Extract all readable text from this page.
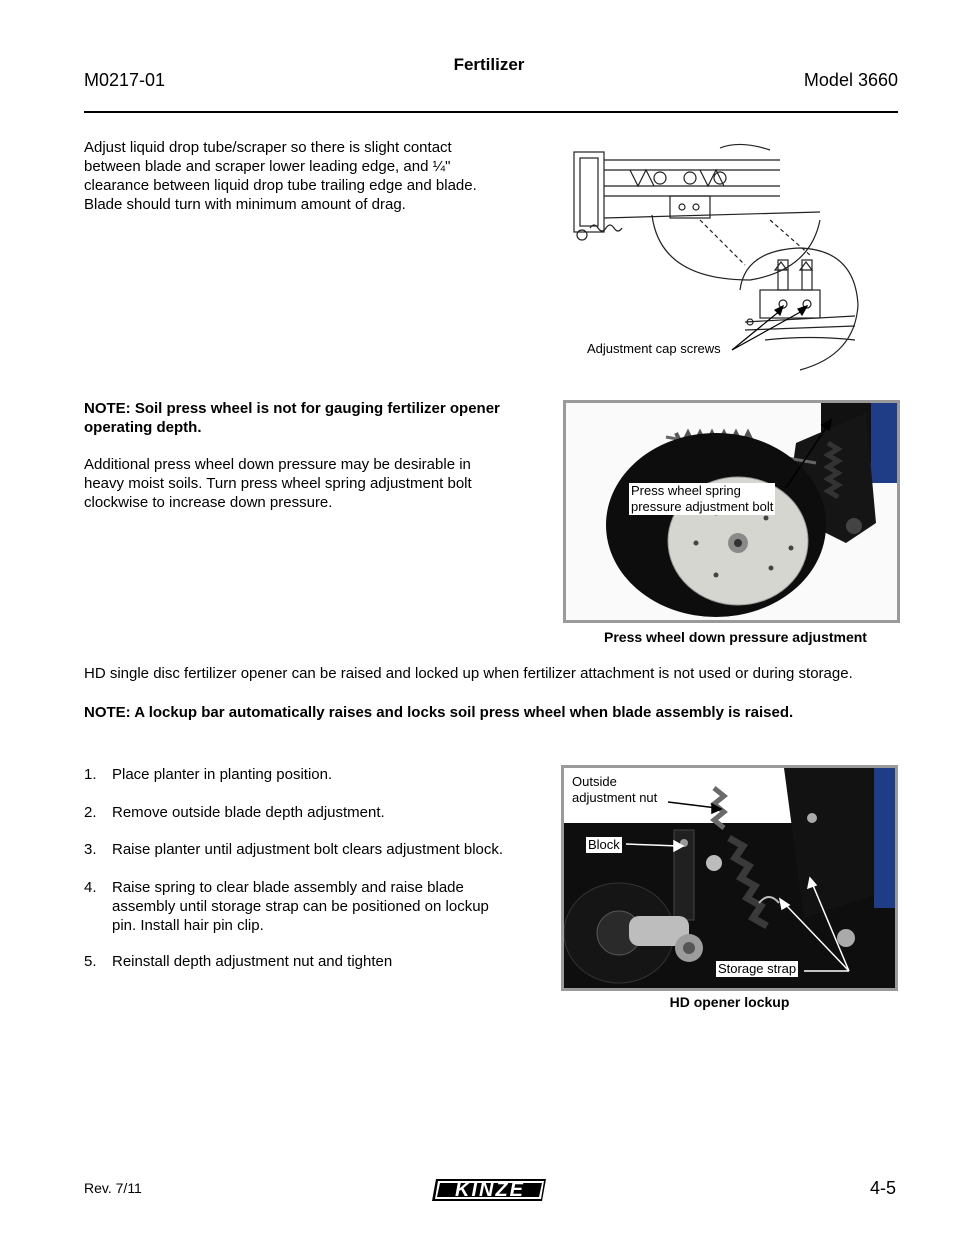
M0217-01
Fertilizer
Model 3660
Adjust liquid drop tube/scraper so there is slight contact between blade and scraper lower leading edge, and ¼" clearance between liquid drop tube trailing edge and blade. Blade should turn with minimum amount of drag.
Adjustment cap screws
NOTE: Soil press wheel is not for gauging fertilizer opener operating depth.
Additional press wheel down pressure may be desirable in heavy moist soils. Turn press wheel spring adjustment bolt clockwise to increase down pressure.
Press wheel spring
pressure adjustment bolt
Press wheel down pressure adjustment
HD single disc fertilizer opener can be raised and locked up when fertilizer attachment is not used or during storage.
NOTE: A lockup bar automatically raises and locks soil press wheel when blade assembly is raised.
1. Place planter in planting position.
2. Remove outside blade depth adjustment.
3. Raise planter until adjustment bolt clears adjustment block.
4. Raise spring to clear blade assembly and raise blade assembly until storage strap can be positioned on lockup pin. Install hair pin clip.
5. Reinstall depth adjustment nut and tighten
Outside
adjustment nut
Block
Storage strap
HD opener lockup
Rev. 7/11	KINZE	4-5
